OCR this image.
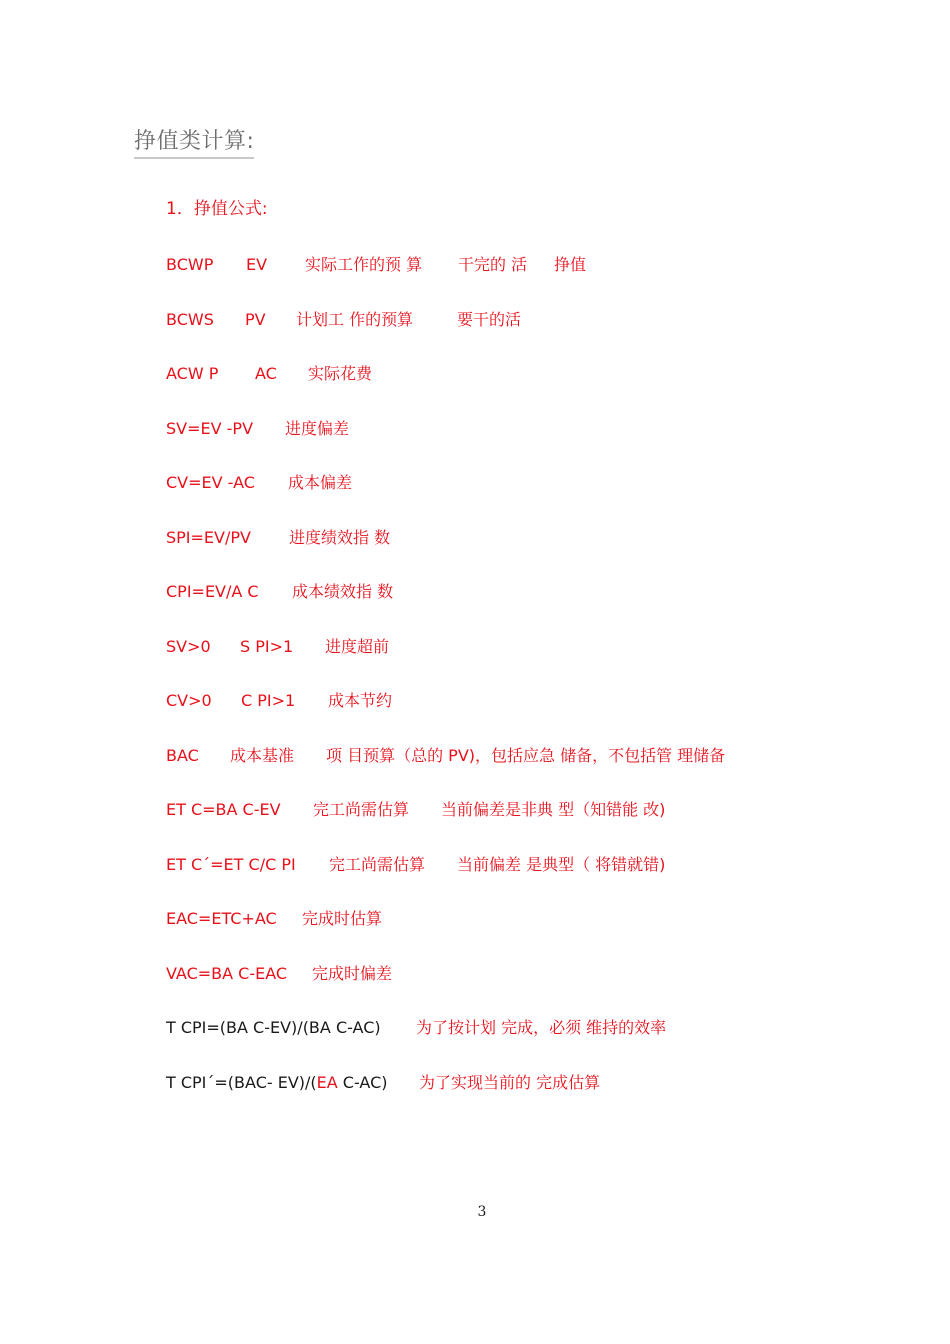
挣值类计算:
1．挣值公式:
BCWP EV 实际工作的预 算 干完的 活 挣值
BCWS PV 计划工 作的预算	要干的活
ACW P AC 实际花费
SV=EV -PV 进度偏差
CV=EV -AC 成本偏差
SPI=EV/PV 进度绩效指 数
CPI=EV/A C 成本绩效指 数
SV>0 S PI>1 进度超前
CV>0 C PI>1 成本节约
BAC 成本基准 项 目预算（总的 PV)，包括应急 储备，不包括管 理储备
ET C=BA C-EV 完工尚需估算 当前偏差是非典 型（知错能 改)
ET C´=ET C/C PI 完工尚需估算 当前偏差 是典型（ 将错就错)
EAC=ETC+AC 完成时估算
VAC=BA C-EAC 完成时偏差
T CPI=(BA C-EV)/(BA C-AC) 为了按计划 完成，必须 维持的效率
T CPI´=(BAC- EV)/(EA C-AC) 为了实现当前的 完成估算
3
